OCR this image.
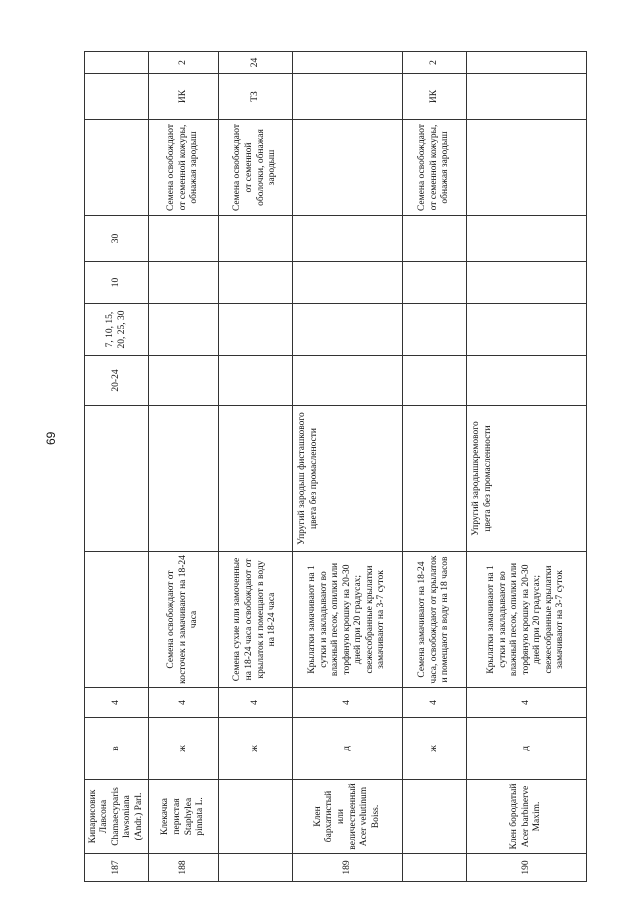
69
187	Кипарисовик Лавсона Chamaecyparis lawsoniana (Andr.) Parl.	в	4			20-24	7, 10, 15, 20, 25, 30	10	30			
188	Клекачка перистая Staphylea pinnata L.	ж	4	Семена освобождают от косточек и замачивают на 18-24 часа						Семена освобождают от семенной кожуры, обнажая зародыш	ИК	2
		ж	4	Семена сухие или замоченные на 18-24 часа освобождают от крылаток и помещают в воду на 18-24 часа						Семена освобождают от семенной оболочки, обнажая зародыш	ТЗ	24
189	Клен бархатистый или величественный Acer velutinum Boiss.	д	4	Крылатки замачивают на 1 сутки и закладывают во влажный песок, опилки или торфяную крошку на 20-30 дней при 20 градусах; свежесобранные крылатки замачивают на 3-7 суток	Упругий зародыш фисташкового цвета без промаслености							
		ж	4	Семена замачивают на 18-24 часа, освобождают от крылаток и помещают в воду на 18 часов						Семена освобождают от семенной кожуры, обнажая зародыш	ИК	2
190	Клен бородатый Acer barbinerve Maxim.	д	4	Крылатки замачивают на 1 сутки и закладывают во влажный песок, опилки или торфяную крошку на 20-30 дней при 20 градусах; свежесобранные крылатки замачивают на 3-7 суток	Упругий зародышкремового цвета без промасленности							
